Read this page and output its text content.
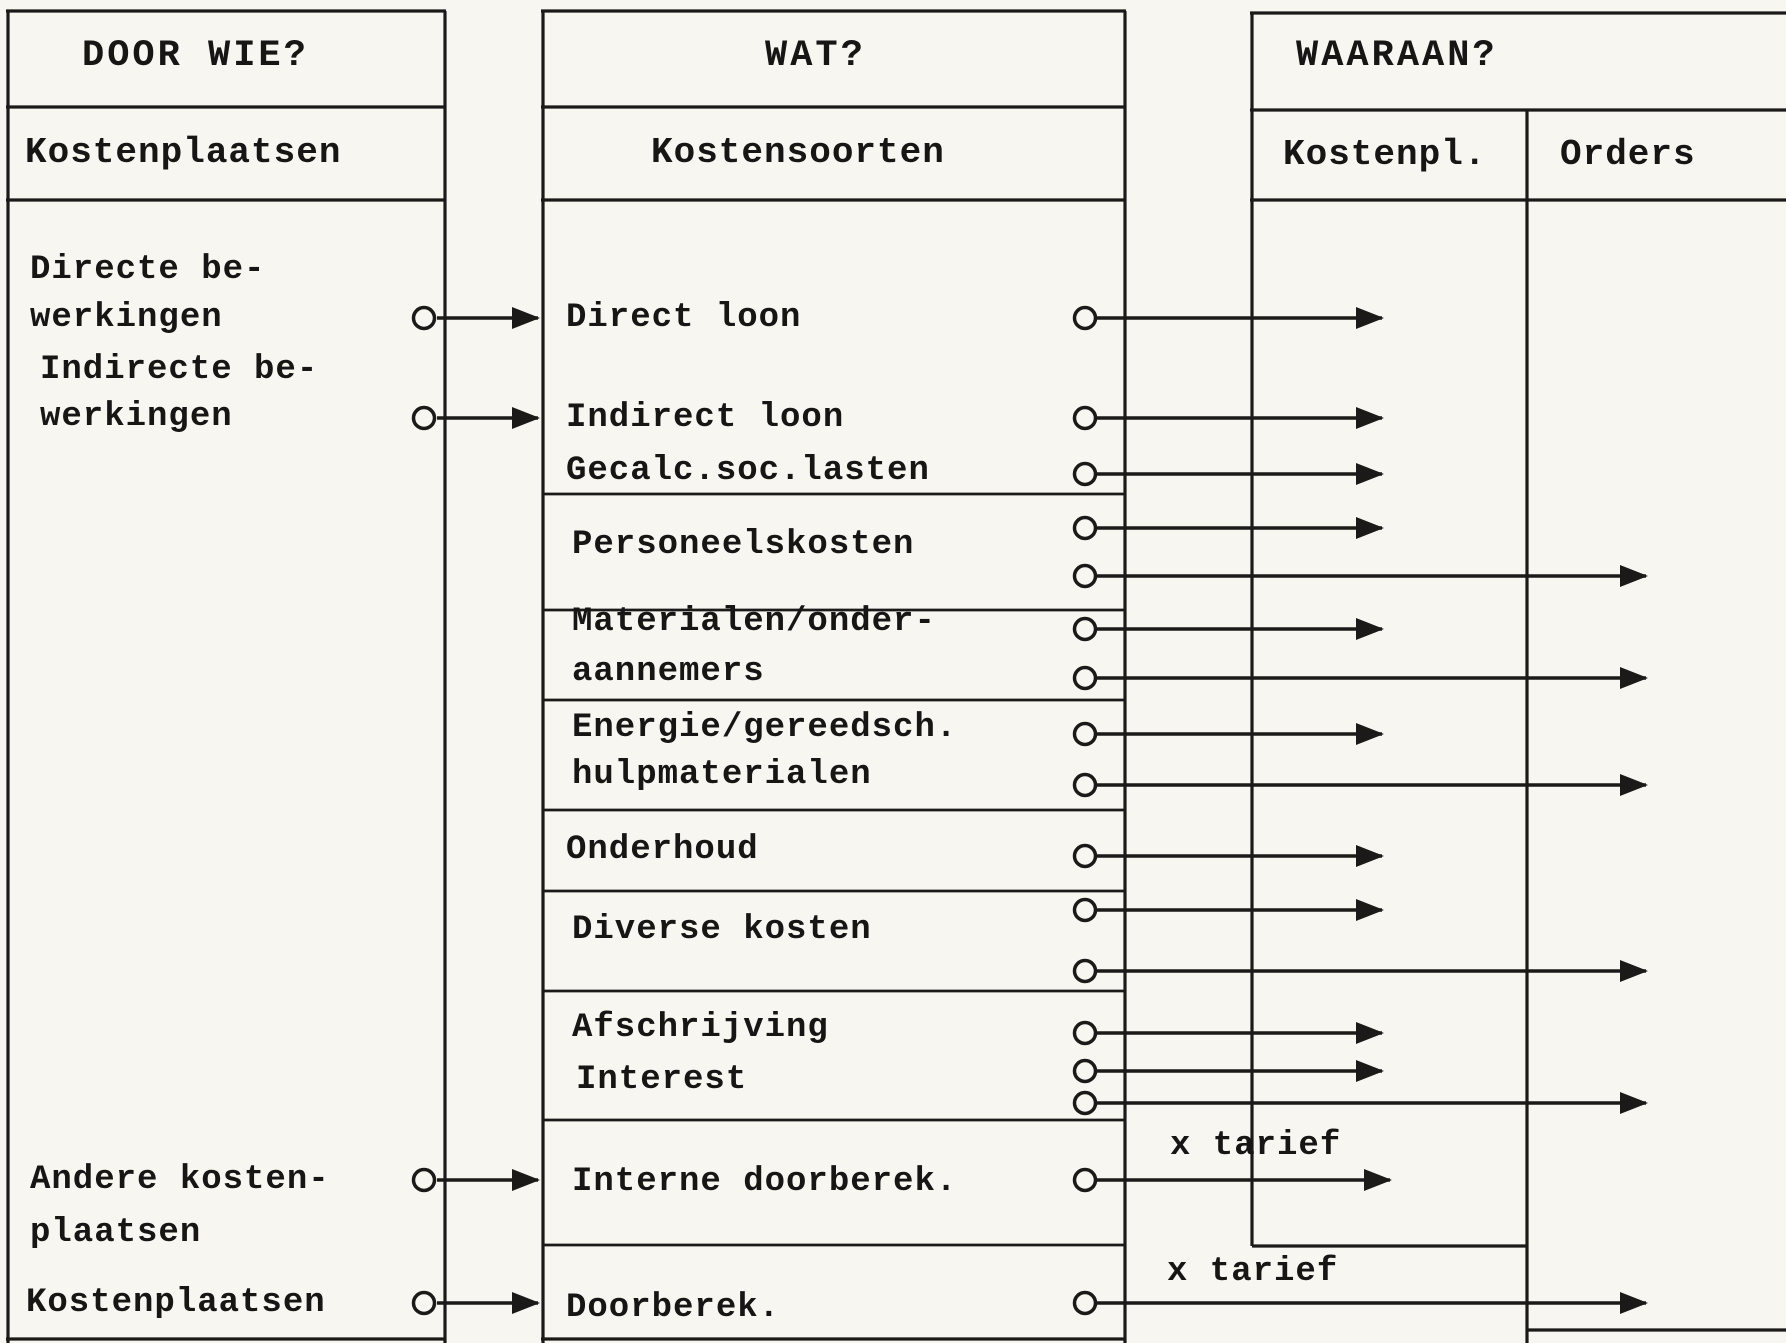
DOOR WIE?
Kostenplaatsen
Directe be-
werkingen
Indirecte be-
werkingen
Andere kosten-
plaatsen
Kostenplaatsen
WAT?
Kostensoorten
Direct loon
Indirect loon
Gecalc.soc.lasten
Personeelskosten
Materialen/onder-
aannemers
Energie/gereedsch.
hulpmaterialen
Onderhoud
Diverse kosten
Afschrijving
Interest
Interne doorberek.
Doorberek.
WAARAAN?
Kostenpl. Orders
x tarief
x tarief
